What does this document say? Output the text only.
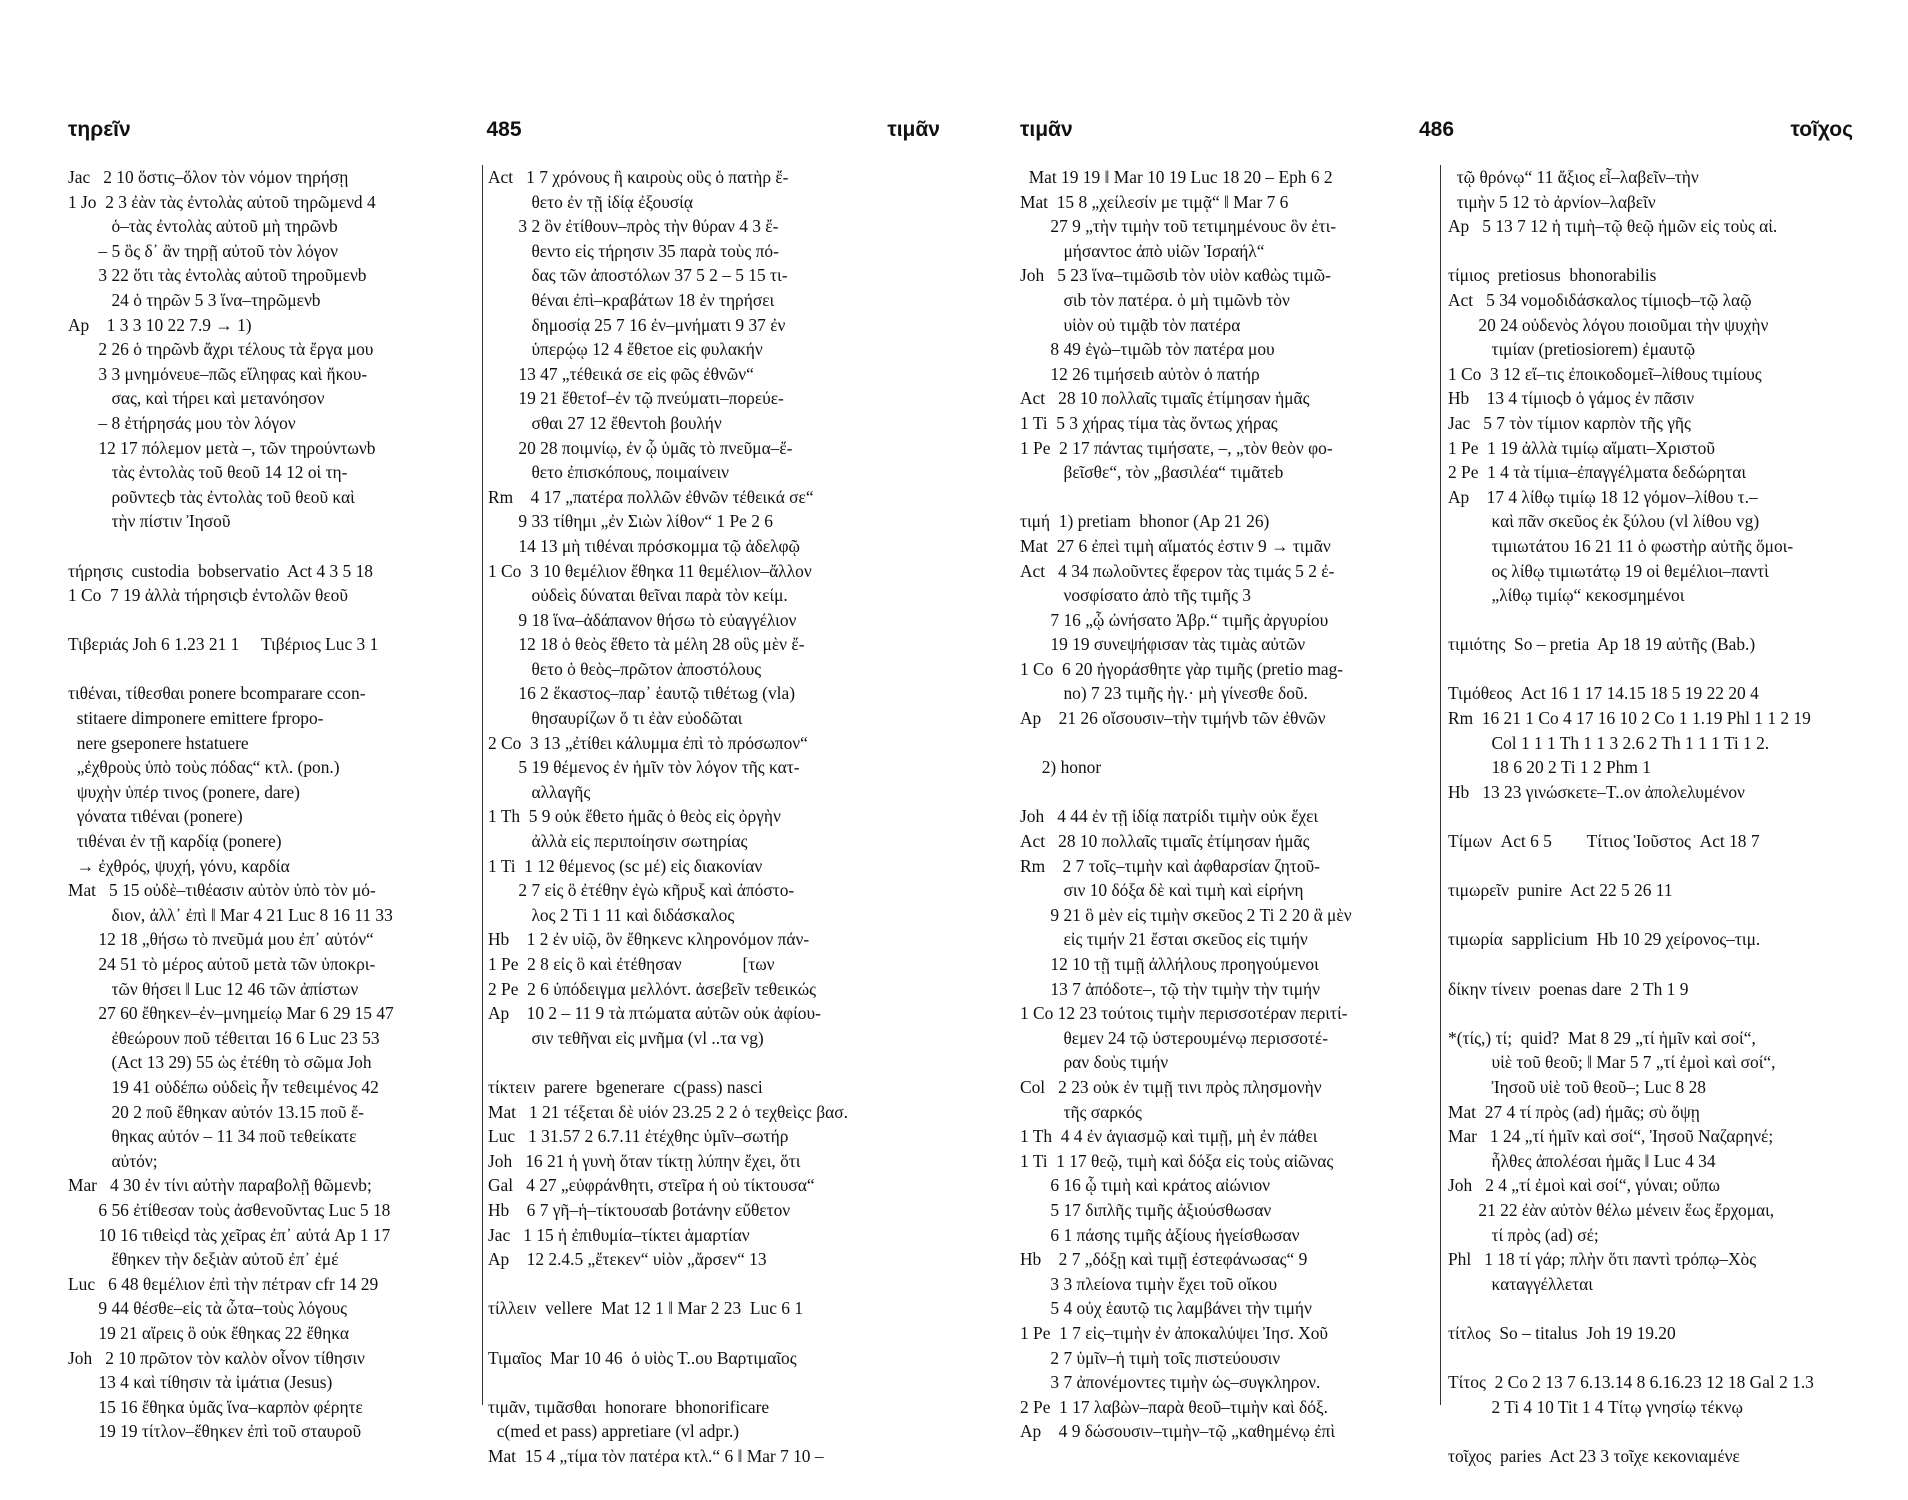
τηρεῖν	485	τιμᾶν
Jac   2 10 ὅστις–ὅλον τὸν νόμον τηρήσῃ
1 Jo  2 3 ἐὰν τὰς ἐντολὰς αὐτοῦ τηρῶμενd 4
ὁ–τὰς ἐντολὰς αὐτοῦ μὴ τηρῶνb
– 5 ὃς δ᾽ ἂν τηρῇ αὐτοῦ τὸν λόγον
3 22 ὅτι τὰς ἐντολὰς αὐτοῦ τηροῦμενb
24 ὁ τηρῶν 5 3 ἵνα–τηρῶμενb
Ap    1 3 3 10 22 7.9 → 1)
2 26 ὁ τηρῶνb ἄχρι τέλους τὰ ἔργα μου
3 3 μνημόνευε–πῶς εἴληφας καὶ ἤκου-
σας, καὶ τήρει καὶ μετανόησον
– 8 ἐτήρησάς μου τὸν λόγον
12 17 πόλεμον μετὰ –, τῶν τηρούντωνb
τὰς ἐντολὰς τοῦ θεοῦ 14 12 οἱ τη-
ροῦντεςb τὰς ἐντολὰς τοῦ θεοῦ καὶ
τὴν πίστιν Ἰησοῦ
τήρησις  custodia  bobservatio  Act 4 3 5 18
1 Co  7 19 ἀλλὰ τήρησιςb ἐντολῶν θεοῦ
Τιβεριάς Joh 6 1.23 21 1     Τιβέριος Luc 3 1
τιθέναι, τίθεσθαι ponere bcomparare ccon-
stitaere dimponere emittere fpropo-
nere gseponere hstatuere
„ἐχθροὺς ὑπὸ τοὺς πόδας“ κτλ. (pon.)
ψυχὴν ὑπέρ τινος (ponere, dare)
γόνατα τιθέναι (ponere)
τιθέναι ἐν τῇ καρδίᾳ (ponere)
→ ἐχθρός, ψυχή, γόνυ, καρδία
Mat   5 15 οὐδὲ–τιθέασιν αὐτὸν ὑπὸ τὸν μό-
διον, ἀλλ᾽ ἐπὶ ‖ Mar 4 21 Luc 8 16 11 33
12 18 „θήσω τὸ πνεῦμά μου ἐπ᾽ αὐτόν“
24 51 τὸ μέρος αὐτοῦ μετὰ τῶν ὑποκρι-
τῶν θήσει ‖ Luc 12 46 τῶν ἀπίστων
27 60 ἔθηκεν–ἐν–μνημείῳ Mar 6 29 15 47
ἐθεώρουν ποῦ τέθειται 16 6 Luc 23 53
(Act 13 29) 55 ὡς ἐτέθη τὸ σῶμα Joh
19 41 οὐδέπω οὐδεὶς ἦν τεθειμένος 42
20 2 ποῦ ἔθηκαν αὐτόν 13.15 ποῦ ἔ-
θηκας αὐτόν – 11 34 ποῦ τεθείκατε
αὐτόν;
Mar   4 30 ἐν τίνι αὐτὴν παραβολῇ θῶμενb;
6 56 ἐτίθεσαν τοὺς ἀσθενοῦντας Luc 5 18
10 16 τιθεὶςd τὰς χεῖρας ἐπ᾽ αὐτά Ap 1 17
ἔθηκεν τὴν δεξιὰν αὐτοῦ ἐπ᾽ ἐμέ
Luc   6 48 θεμέλιον ἐπὶ τὴν πέτραν cfr 14 29
9 44 θέσθε–εἰς τὰ ὦτα–τοὺς λόγους
19 21 αἴρεις ὃ οὐκ ἔθηκας 22 ἔθηκα
Joh   2 10 πρῶτον τὸν καλὸν οἶνον τίθησιν
13 4 καὶ τίθησιν τὰ ἱμάτια (Jesus)
15 16 ἔθηκα ὑμᾶς ἵνα–καρπὸν φέρητε
19 19 τίτλον–ἔθηκεν ἐπὶ τοῦ σταυροῦ
Act   1 7 χρόνους ἢ καιροὺς οὓς ὁ πατὴρ ἔ-
θετο ἐν τῇ ἰδίᾳ ἐξουσίᾳ
3 2 ὃν ἐτίθουν–πρὸς τὴν θύραν 4 3 ἔ-
θεντο εἰς τήρησιν 35 παρὰ τοὺς πό-
δας τῶν ἀποστόλων 37 5 2 – 5 15 τι-
θέναι ἐπὶ–κραβάτων 18 ἐν τηρήσει
δημοσίᾳ 25 7 16 ἐν–μνήματι 9 37 ἐν
ὑπερῴῳ 12 4 ἔθετοe εἰς φυλακήν
13 47 „τέθεικά σε εἰς φῶς ἐθνῶν“
19 21 ἔθετοf–ἐν τῷ πνεύματι–πορεύε-
σθαι 27 12 ἔθεντοh βουλήν
20 28 ποιμνίῳ, ἐν ᾧ ὑμᾶς τὸ πνεῦμα–ἔ-
θετο ἐπισκόπους, ποιμαίνειν
Rm    4 17 „πατέρα πολλῶν ἐθνῶν τέθεικά σε“
9 33 τίθημι „ἐν Σιὼν λίθον“ 1 Pe 2 6
14 13 μὴ τιθέναι πρόσκομμα τῷ ἀδελφῷ
1 Co  3 10 θεμέλιον ἔθηκα 11 θεμέλιον–ἄλλον
οὐδεὶς δύναται θεῖναι παρὰ τὸν κείμ.
9 18 ἵνα–ἀδάπανον θήσω τὸ εὐαγγέλιον
12 18 ὁ θεὸς ἔθετο τὰ μέλη 28 οὓς μὲν ἔ-
θετο ὁ θεὸς–πρῶτον ἀποστόλους
16 2 ἕκαστος–παρ᾽ ἑαυτῷ τιθέτωg (vla)
θησαυρίζων ὅ τι ἐὰν εὐοδῶται
2 Co  3 13 „ἐτίθει κάλυμμα ἐπὶ τὸ πρόσωπον“
5 19 θέμενος ἐν ἡμῖν τὸν λόγον τῆς κατ-
αλλαγῆς
1 Th  5 9 οὐκ ἔθετο ἡμᾶς ὁ θεὸς εἰς ὀργὴν
ἀλλὰ εἰς περιποίησιν σωτηρίας
1 Ti  1 12 θέμενος (sc μέ) εἰς διακονίαν
2 7 εἰς ὃ ἐτέθην ἐγὼ κῆρυξ καὶ ἀπόστο-
λος 2 Ti 1 11 καὶ διδάσκαλος
Hb    1 2 ἐν υἱῷ, ὃν ἔθηκενc κληρονόμον πάν-
1 Pe  2 8 εἰς ὃ καὶ ἐτέθησαν              [των
2 Pe  2 6 ὑπόδειγμα μελλόντ. ἀσεβεῖν τεθεικώς
Ap    10 2 – 11 9 τὰ πτώματα αὐτῶν οὐκ ἀφίου-
σιν τεθῆναι εἰς μνῆμα (vl ..τα vg)
τίκτειν  parere  bgenerare  c(pass) nasci
Mat   1 21 τέξεται δὲ υἱόν 23.25 2 2 ὁ τεχθεὶςc βασ.
Luc   1 31.57 2 6.7.11 ἐτέχθηc ὑμῖν–σωτήρ
Joh   16 21 ἡ γυνὴ ὅταν τίκτῃ λύπην ἔχει, ὅτι
Gal   4 27 „εὐφράνθητι, στεῖρα ἡ οὐ τίκτουσα“
Hb    6 7 γῆ–ἡ–τίκτουσαb βοτάνην εὔθετον
Jac   1 15 ἡ ἐπιθυμία–τίκτει ἁμαρτίαν
Ap    12 2.4.5 „ἔτεκεν“ υἱὸν „ἄρσεν“ 13
τίλλειν  vellere  Mat 12 1 ‖ Mar 2 23  Luc 6 1
Τιμαῖος  Mar 10 46  ὁ υἱὸς Τ..ου Βαρτιμαῖος
τιμᾶν, τιμᾶσθαι  honorare  bhonorificare
c(med et pass) appretiare (vl adpr.)
Mat  15 4 „τίμα τὸν πατέρα κτλ.“ 6 ‖ Mar 7 10 –
τιμᾶν	486	τοῖχος
Mat 19 19 ‖ Mar 10 19 Luc 18 20 – Eph 6 2
Mat  15 8 „χείλεσίν με τιμᾷ“ ‖ Mar 7 6
27 9 „τὴν τιμὴν τοῦ τετιμημένουc ὃν ἐτι-
μήσαντοc ἀπὸ υἱῶν Ἰσραήλ“
Joh   5 23 ἵνα–τιμῶσιb τὸν υἱὸν καθὼς τιμῶ-
σιb τὸν πατέρα. ὁ μὴ τιμῶνb τὸν
υἱὸν οὐ τιμᾷb τὸν πατέρα
8 49 ἐγὼ–τιμῶb τὸν πατέρα μου
12 26 τιμήσειb αὐτὸν ὁ πατήρ
Act   28 10 πολλαῖς τιμαῖς ἐτίμησαν ἡμᾶς
1 Ti  5 3 χήρας τίμα τὰς ὄντως χήρας
1 Pe  2 17 πάντας τιμήσατε, –, „τὸν θεὸν φο-
βεῖσθε“, τὸν „βασιλέα“ τιμᾶτεb
τιμή  1) pretiam  bhonor (Ap 21 26)
Mat  27 6 ἐπεὶ τιμὴ αἵματός ἐστιν 9 → τιμᾶν
Act   4 34 πωλοῦντες ἔφερον τὰς τιμάς 5 2 ἐ-
νοσφίσατο ἀπὸ τῆς τιμῆς 3
7 16 „ᾧ ὠνήσατο Ἀβρ.“ τιμῆς ἀργυρίου
19 19 συνεψήφισαν τὰς τιμὰς αὐτῶν
1 Co  6 20 ἠγοράσθητε γὰρ τιμῆς (pretio mag-
no) 7 23 τιμῆς ἠγ.· μὴ γίνεσθε δοῦ.
Ap    21 26 οἴσουσιν–τὴν τιμήνb τῶν ἐθνῶν
2) honor
Joh   4 44 ἐν τῇ ἰδίᾳ πατρίδι τιμὴν οὐκ ἔχει
Act   28 10 πολλαῖς τιμαῖς ἐτίμησαν ἡμᾶς
Rm    2 7 τοῖς–τιμὴν καὶ ἀφθαρσίαν ζητοῦ-
σιν 10 δόξα δὲ καὶ τιμὴ καὶ εἰρήνη
9 21 ὃ μὲν εἰς τιμὴν σκεῦος 2 Ti 2 20 ἃ μὲν
εἰς τιμήν 21 ἔσται σκεῦος εἰς τιμήν
12 10 τῇ τιμῇ ἀλλήλους προηγούμενοι
13 7 ἀπόδοτε–, τῷ τὴν τιμὴν τὴν τιμήν
1 Co 12 23 τούτοις τιμὴν περισσοτέραν περιτί-
θεμεν 24 τῷ ὑστερουμένῳ περισσοτέ-
ραν δοὺς τιμήν
Col   2 23 οὐκ ἐν τιμῇ τινι πρὸς πλησμονὴν
τῆς σαρκός
1 Th  4 4 ἐν ἁγιασμῷ καὶ τιμῇ, μὴ ἐν πάθει
1 Ti  1 17 θεῷ, τιμὴ καὶ δόξα εἰς τοὺς αἰῶνας
6 16 ᾧ τιμὴ καὶ κράτος αἰώνιον
5 17 διπλῆς τιμῆς ἀξιούσθωσαν
6 1 πάσης τιμῆς ἀξίους ἡγείσθωσαν
Hb    2 7 „δόξῃ καὶ τιμῇ ἐστεφάνωσας“ 9
3 3 πλείονα τιμὴν ἔχει τοῦ οἴκου
5 4 οὐχ ἑαυτῷ τις λαμβάνει τὴν τιμήν
1 Pe  1 7 εἰς–τιμὴν ἐν ἀποκαλύψει Ἰησ. Χοῦ
2 7 ὑμῖν–ἡ τιμὴ τοῖς πιστεύουσιν
3 7 ἀπονέμοντες τιμὴν ὡς–συγκληρον.
2 Pe  1 17 λαβὼν–παρὰ θεοῦ–τιμὴν καὶ δόξ.
Ap    4 9 δώσουσιν–τιμὴν–τῷ „καθημένῳ ἐπὶ
τῷ θρόνῳ“ 11 ἄξιος εἶ–λαβεῖν–τὴν
τιμὴν 5 12 τὸ ἀρνίον–λαβεῖν
Ap   5 13 7 12 ἡ τιμὴ–τῷ θεῷ ἡμῶν εἰς τοὺς αἰ.
τίμιος  pretiosus  bhonorabilis
Act   5 34 νομοδιδάσκαλος τίμιοςb–τῷ λαῷ
20 24 οὐδενὸς λόγου ποιοῦμαι τὴν ψυχὴν
τιμίαν (pretiosiorem) ἐμαυτῷ
1 Co  3 12 εἴ–τις ἐποικοδομεῖ–λίθους τιμίους
Hb    13 4 τίμιοςb ὁ γάμος ἐν πᾶσιν
Jac   5 7 τὸν τίμιον καρπὸν τῆς γῆς
1 Pe  1 19 ἀλλὰ τιμίῳ αἵματι–Χριστοῦ
2 Pe  1 4 τὰ τίμια–ἐπαγγέλματα δεδώρηται
Ap    17 4 λίθῳ τιμίῳ 18 12 γόμον–λίθου τ.–
καὶ πᾶν σκεῦος ἐκ ξύλου (vl λίθου vg)
τιμιωτάτου 16 21 11 ὁ φωστὴρ αὐτῆς ὅμοι-
ος λίθῳ τιμιωτάτῳ 19 οἱ θεμέλιοι–παντὶ
„λίθῳ τιμίῳ“ κεκοσμημένοι
τιμιότης  So – pretia  Ap 18 19 αὐτῆς (Bab.)
Τιμόθεος  Act 16 1 17 14.15 18 5 19 22 20 4
Rm  16 21 1 Co 4 17 16 10 2 Co 1 1.19 Phl 1 1 2 19
Col 1 1 1 Th 1 1 3 2.6 2 Th 1 1 1 Ti 1 2.
18 6 20 2 Ti 1 2 Phm 1
Hb   13 23 γινώσκετε–Τ..ον ἀπολελυμένον
Τίμων  Act 6 5        Τίτιος Ἰοῦστος  Act 18 7
τιμωρεῖν  punire  Act 22 5 26 11
τιμωρία  sapplicium  Hb 10 29 χείρονος–τιμ.
δίκην τίνειν  poenas dare  2 Th 1 9
*(τίς,) τί;  quid?  Mat 8 29 „τί ἡμῖν καὶ σοί“,
υἱὲ τοῦ θεοῦ; ‖ Mar 5 7 „τί ἐμοὶ καὶ σοί“,
Ἰησοῦ υἱὲ τοῦ θεοῦ–; Luc 8 28
Mat  27 4 τί πρὸς (ad) ἡμᾶς; σὺ ὄψῃ
Mar   1 24 „τί ἡμῖν καὶ σοί“, Ἰησοῦ Ναζαρηνέ;
ἦλθες ἀπολέσαι ἡμᾶς ‖ Luc 4 34
Joh   2 4 „τί ἐμοὶ καὶ σοί“, γύναι; οὔπω
21 22 ἐὰν αὐτὸν θέλω μένειν ἕως ἔρχομαι,
τί πρὸς (ad) σέ;
Phl   1 18 τί γάρ; πλὴν ὅτι παντὶ τρόπῳ–Χὸς
καταγγέλλεται
τίτλος  So – titalus  Joh 19 19.20
Τίτος  2 Co 2 13 7 6.13.14 8 6.16.23 12 18 Gal 2 1.3
2 Ti 4 10 Tit 1 4 Τίτῳ γνησίῳ τέκνῳ
τοῖχος  paries  Act 23 3 τοῖχε κεκονιαμένε
